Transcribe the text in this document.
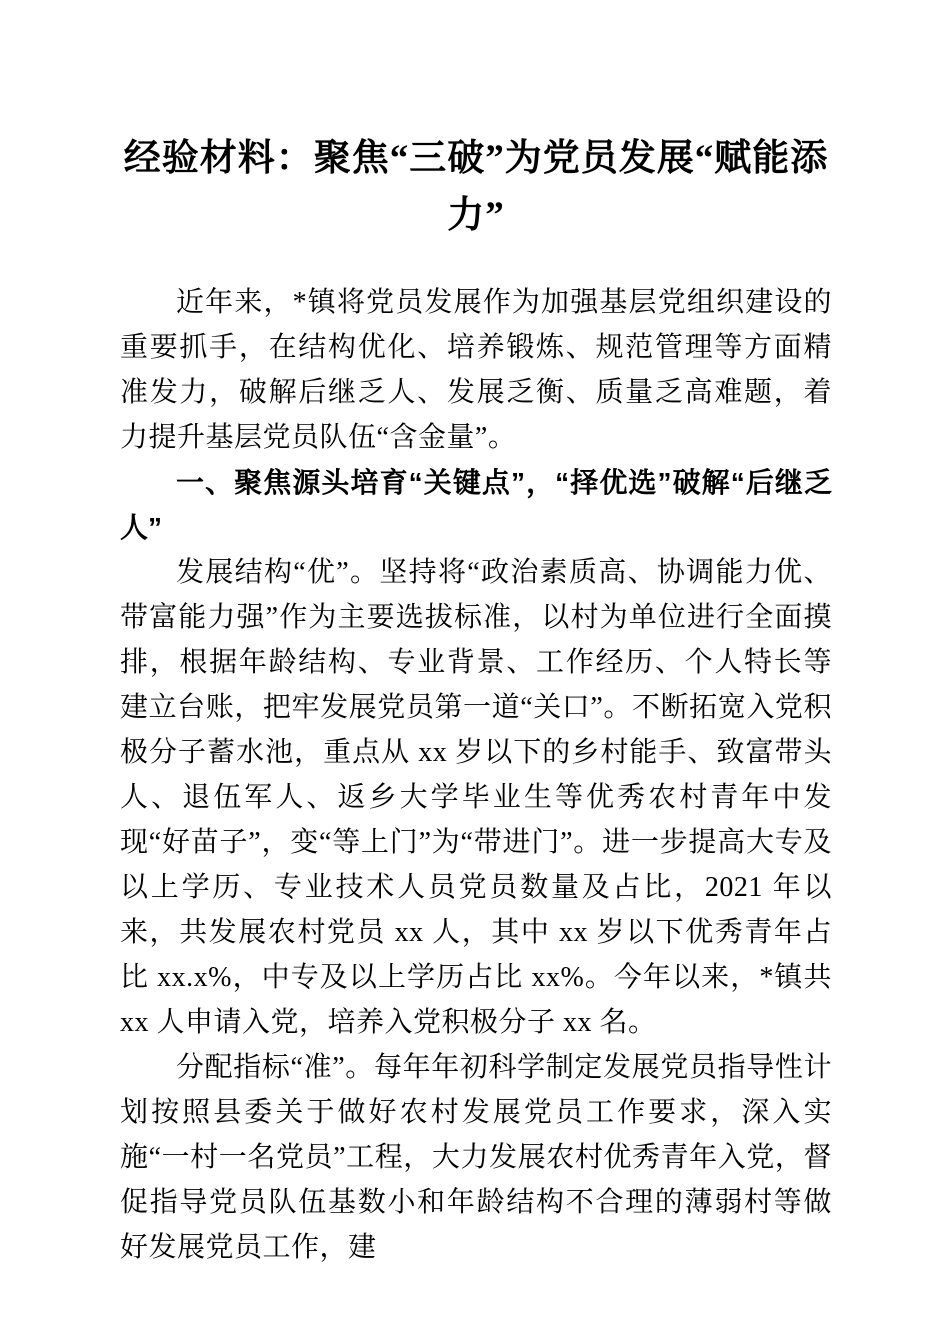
经验材料：聚焦“三破”为党员发展“赋能添力”

近年来，*镇将党员发展作为加强基层党组织建设的重要抓手，在结构优化、培养锻炼、规范管理等方面精准发力，破解后继乏人、发展乏衡、质量乏高难题，着力提升基层党员队伍“含金量”。

一、聚焦源头培育“关键点”，“择优选”破解“后继乏人”

发展结构“优”。坚持将“政治素质高、协调能力优、带富能力强”作为主要选拔标准，以村为单位进行全面摸排，根据年龄结构、专业背景、工作经历、个人特长等建立台账，把牢发展党员第一道“关口”。不断拓宽入党积极分子蓄水池，重点从 xx 岁以下的乡村能手、致富带头人、退伍军人、返乡大学毕业生等优秀农村青年中发现“好苗子”，变“等上门”为“带进门”。进一步提高大专及以上学历、专业技术人员党员数量及占比，2021 年以来，共发展农村党员 xx 人，其中 xx 岁以下优秀青年占比 xx.x%，中专及以上学历占比 xx%。今年以来，*镇共 xx 人申请入党，培养入党积极分子 xx 名。

分配指标“准”。每年年初科学制定发展党员指导性计划按照县委关于做好农村发展党员工作要求，深入实施“一村一名党员”工程，大力发展农村优秀青年入党，督促指导党员队伍基数小和年龄结构不合理的薄弱村等做好发展党员工作，建
